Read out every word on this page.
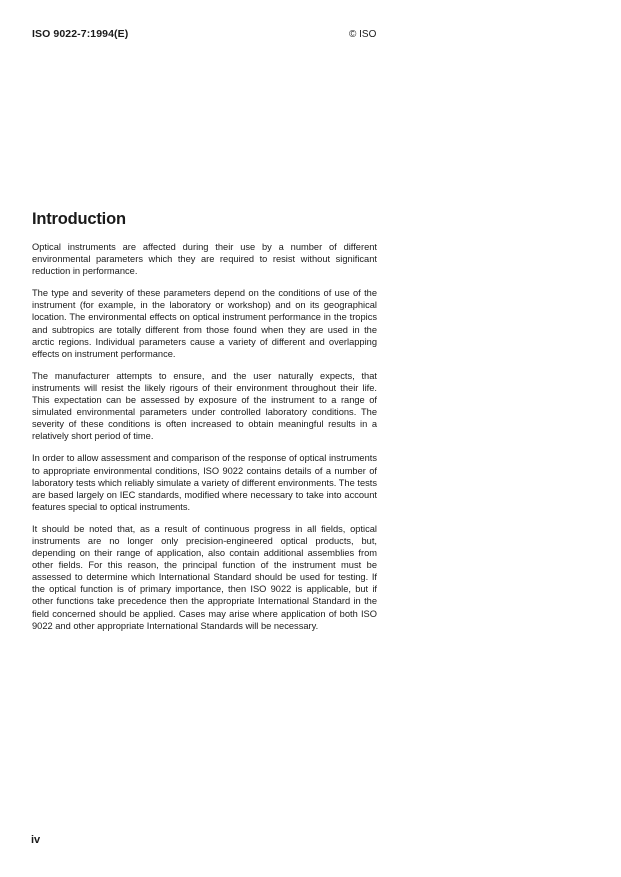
ISO 9022-7:1994(E)	© ISO
Introduction

Optical instruments are affected during their use by a number of different environmental parameters which they are required to resist without significant reduction in performance.

The type and severity of these parameters depend on the conditions of use of the instrument (for example, in the laboratory or workshop) and on its geographical location. The environmental effects on optical instrument performance in the tropics and subtropics are totally different from those found when they are used in the arctic regions. Individual parameters cause a variety of different and overlapping effects on instrument performance.

The manufacturer attempts to ensure, and the user naturally expects, that instruments will resist the likely rigours of their environment throughout their life. This expectation can be assessed by exposure of the instrument to a range of simulated environmental parameters under controlled laboratory conditions. The severity of these conditions is often increased to obtain meaningful results in a relatively short period of time.

In order to allow assessment and comparison of the response of optical instruments to appropriate environmental conditions, ISO 9022 contains details of a number of laboratory tests which reliably simulate a variety of different environments. The tests are based largely on IEC standards, modified where necessary to take into account features special to optical instruments.

It should be noted that, as a result of continuous progress in all fields, optical instruments are no longer only precision-engineered optical products, but, depending on their range of application, also contain additional assemblies from other fields. For this reason, the principal function of the instrument must be assessed to determine which International Standard should be used for testing. If the optical function is of primary importance, then ISO 9022 is applicable, but if other functions take precedence then the appropriate International Standard in the field concerned should be applied. Cases may arise where application of both ISO 9022 and other appropriate International Standards will be necessary.

iv
